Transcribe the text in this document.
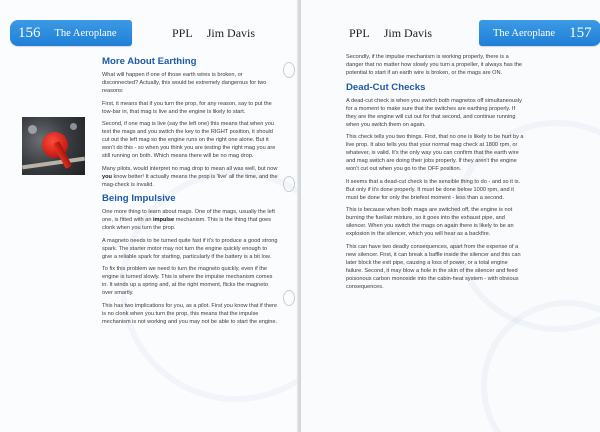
156 The Aeroplane	PPL Jim Davis
More About Earthing

What will happen if one of those earth wires is broken, or disconnected? Actually, this would be extremely dangerous for two reasons:

First, it means that if you turn the prop, for any reason, say to put the tow-bar in, that mag is live and the engine is likely to start.

Second, if one mag is live (say the left one) this means that when you test the mags and you switch the key to the RIGHT position, it should cut out the left mag so the engine runs on the right one alone. But it won't do this - so when you think you are testing the right mag you are still running on both. Which means there will be no mag drop.

Many pilots, would interpret no mag drop to mean all was well, but now you know better! It actually means the prop is 'live' all the time, and the mag-check is invalid.

Being Impulsive

One more thing to learn about mags. One of the mags, usually the left one, is fitted with an impulse mechanism. This is the thing that goes clonk when you turn the prop.

A magneto needs to be turned quite fast if it's to produce a good strong spark. The starter motor may not turn the engine quickly enough to give a reliable spark for starting, particularly if the battery is a bit low.

To fix this problem we need to turn the magneto quickly, even if the engine is turned slowly. This is where the impulse mechanism comes in. It winds up a spring and, at the right moment, flicks the magneto over smartly.

This has two implications for you, as a pilot. First you know that if there is no clonk when you turn the prop, this means that the impulse mechanism is not working and you may not be able to start the engine.

PPL Jim Davis	The Aeroplane 157

Secondly, if the impulse mechanism is working properly, there is a danger that no matter how slowly you turn a propeller, it always has the potential to start if an earth wire is broken, or the mags are ON.

Dead-Cut Checks

A dead-cut check is when you switch both magnetos off simultaneously for a moment to make sure that the switches are earthing properly. If they are the engine will cut out for that second, and continue running when you switch them on again.

This check tells you two things. First, that no one is likely to be hurt by a live prop. It also tells you that your normal mag check at 1800 rpm, or whatever, is valid. It's the only way you can confirm that the earth wire and mag switch are doing their jobs properly. If they aren't the engine won't cut out when you go to the OFF position.

It seems that a dead-cut check is the sensible thing to do - and so it is. But only if it's done properly. It must be done below 1000 rpm, and it must be done for only the briefest moment - less than a second.

This is because when both mags are switched off, the engine is not burning the fuel/air mixture, so it goes into the exhaust pipe, and silencer. When you switch the mags on again there is likely to be an explosion in the silencer, which you will hear as a backfire.

This can have two deadly consequences, apart from the expense of a new silencer. First, it can break a baffle inside the silencer and this can later block the exit pipe, causing a loss of power, or a total engine failure. Second, it may blow a hole in the skin of the silencer and feed poisonous carbon monoxide into the cabin-heat system - with obvious consequences.
